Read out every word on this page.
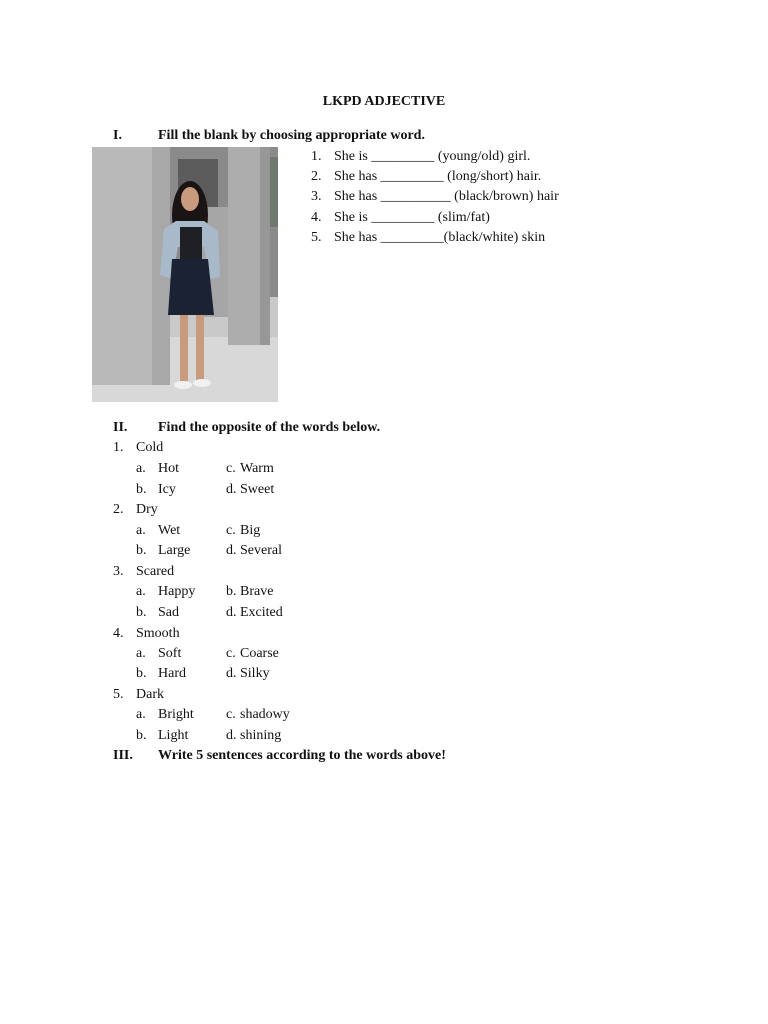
LKPD ADJECTIVE
I.	Fill the blank by choosing appropriate word.
1. She is _________ (young/old) girl.
2. She has _________ (long/short) hair.
3. She has __________ (black/brown) hair
4. She is _________ (slim/fat)
5. She has _________(black/white) skin
II. Find the opposite of the words below.
1. Cold
a. Hot	c. Warm
b. Icy	d. Sweet
2. Dry
a. Wet	c. Big
b. Large	d. Several
3. Scared
a. Happy b. Brave
b. Sad	d. Excited
4. Smooth
a. Soft	c. Coarse
b. Hard	d. Silky
5. Dark
a. Bright c. shadowy
b. Light	d. shining
III. Write 5 sentences according to the words above!
